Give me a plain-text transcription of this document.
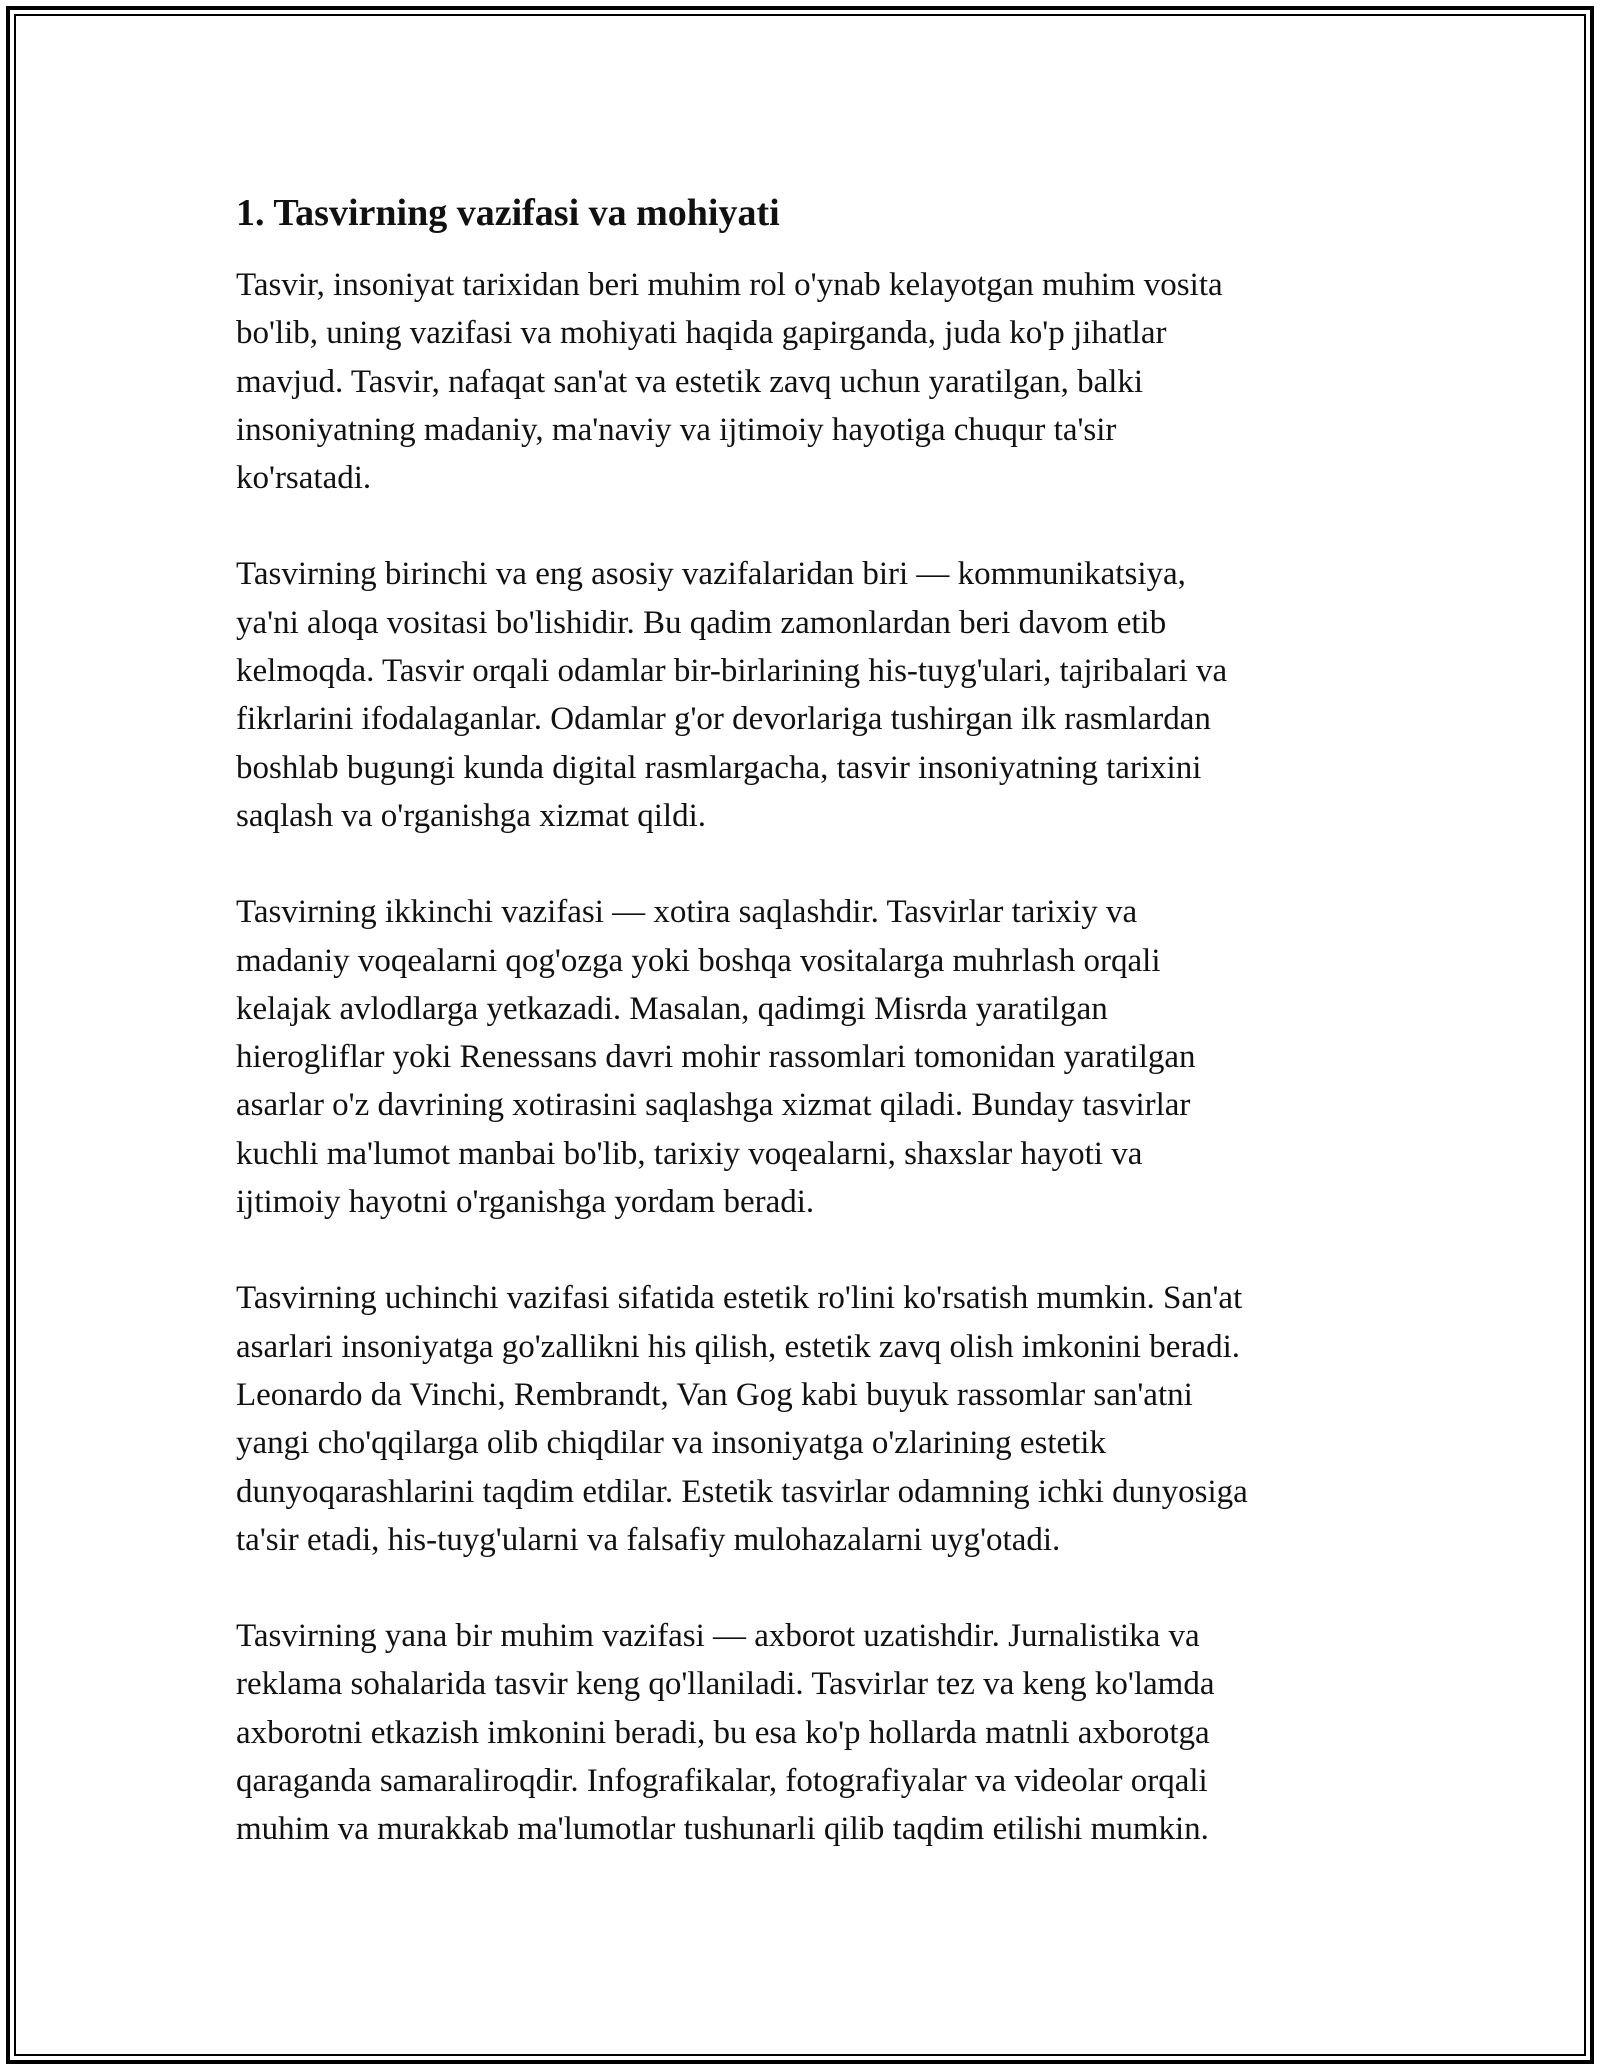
1. Tasvirning vazifasi va mohiyati
Tasvir, insoniyat tarixidan beri muhim rol o'ynab kelayotgan muhim vosita
bo'lib, uning vazifasi va mohiyati haqida gapirganda, juda ko'p jihatlar
mavjud. Tasvir, nafaqat san'at va estetik zavq uchun yaratilgan, balki
insoniyatning madaniy, ma'naviy va ijtimoiy hayotiga chuqur ta'sir
ko'rsatadi.
Tasvirning birinchi va eng asosiy vazifalaridan biri — kommunikatsiya,
ya'ni aloqa vositasi bo'lishidir. Bu qadim zamonlardan beri davom etib
kelmoqda. Tasvir orqali odamlar bir-birlarining his-tuyg'ulari, tajribalari va
fikrlarini ifodalaganlar. Odamlar g'or devorlariga tushirgan ilk rasmlardan
boshlab bugungi kunda digital rasmlargacha, tasvir insoniyatning tarixini
saqlash va o'rganishga xizmat qildi.
Tasvirning ikkinchi vazifasi — xotira saqlashdir. Tasvirlar tarixiy va
madaniy voqealarni qog'ozga yoki boshqa vositalarga muhrlash orqali
kelajak avlodlarga yetkazadi. Masalan, qadimgi Misrda yaratilgan
hierogliflar yoki Renessans davri mohir rassomlari tomonidan yaratilgan
asarlar o'z davrining xotirasini saqlashga xizmat qiladi. Bunday tasvirlar
kuchli ma'lumot manbai bo'lib, tarixiy voqealarni, shaxslar hayoti va
ijtimoiy hayotni o'rganishga yordam beradi.
Tasvirning uchinchi vazifasi sifatida estetik ro'lini ko'rsatish mumkin. San'at
asarlari insoniyatga go'zallikni his qilish, estetik zavq olish imkonini beradi.
Leonardo da Vinchi, Rembrandt, Van Gog kabi buyuk rassomlar san'atni
yangi cho'qqilarga olib chiqdilar va insoniyatga o'zlarining estetik
dunyoqarashlarini taqdim etdilar. Estetik tasvirlar odamning ichki dunyosiga
ta'sir etadi, his-tuyg'ularni va falsafiy mulohazalarni uyg'otadi.
Tasvirning yana bir muhim vazifasi — axborot uzatishdir. Jurnalistika va
reklama sohalarida tasvir keng qo'llaniladi. Tasvirlar tez va keng ko'lamda
axborotni etkazish imkonini beradi, bu esa ko'p hollarda matnli axborotga
qaraganda samaraliroqdir. Infografikalar, fotografiyalar va videolar orqali
muhim va murakkab ma'lumotlar tushunarli qilib taqdim etilishi mumkin.
